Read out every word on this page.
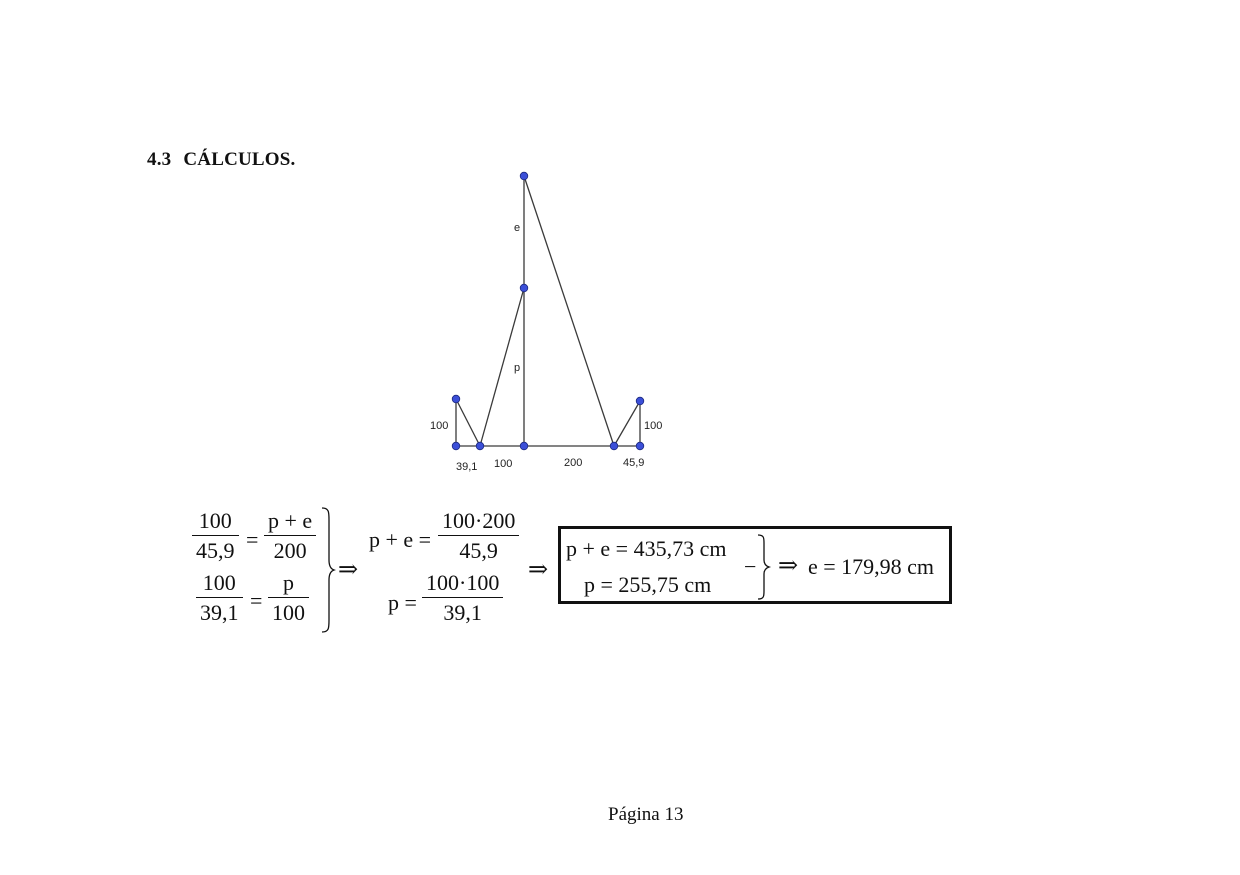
4.3 CÁLCULOS.
e
p
100	100
39,1 100	200	45,9
100
45,9 =
p + e
200
100
39,1 =
p
100
⇒
p + e =
100·200
45,9
p =
100·100
39,1
⇒
p + e = 435,73 cm
p = 255,75 cm
− ⇒ e = 179,98 cm
Página 13
